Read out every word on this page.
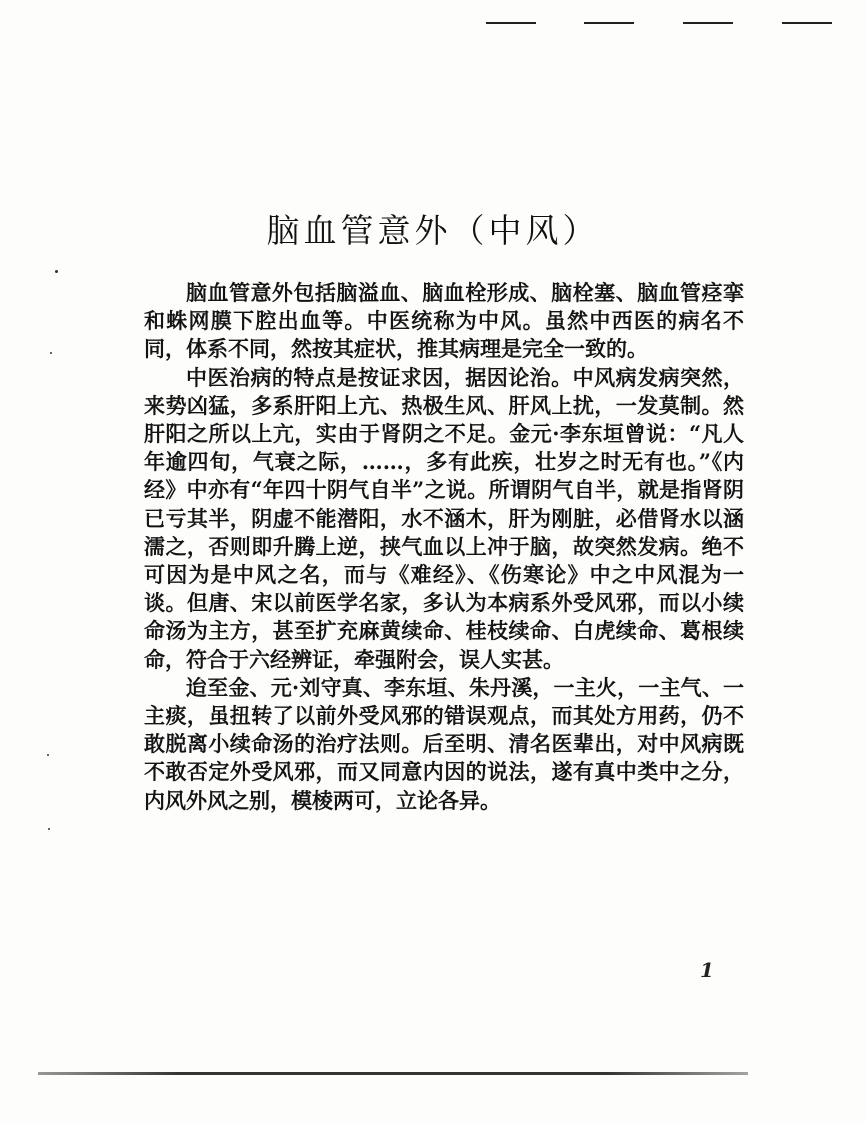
脑血管意外（中风）

脑血管意外包括脑溢血、脑血栓形成、脑栓塞、脑血管痉挛和蛛网膜下腔出血等。中医统称为中风。虽然中西医的病名不同，体系不同，然按其症状，推其病理是完全一致的。

中医治病的特点是按证求因，据因论治。中风病发病突然，来势凶猛，多系肝阳上亢、热极生风、肝风上扰，一发莫制。然肝阳之所以上亢，实由于肾阴之不足。金元·李东垣曾说：“凡人年逾四旬，气衰之际，……，多有此疾，壮岁之时无有也。”《内经》中亦有“年四十阴气自半”之说。所谓阴气自半，就是指肾阴已亏其半，阴虚不能潜阳，水不涵木，肝为刚脏，必借肾水以涵濡之，否则即升腾上逆，挟气血以上冲于脑，故突然发病。绝不可因为是中风之名，而与《难经》、《伤寒论》中之中风混为一谈。但唐、宋以前医学名家，多认为本病系外受风邪，而以小续命汤为主方，甚至扩充麻黄续命、桂枝续命、白虎续命、葛根续命，符合于六经辨证，牵强附会，误人实甚。

迨至金、元·刘守真、李东垣、朱丹溪，一主火，一主气、一主痰，虽扭转了以前外受风邪的错误观点，而其处方用药，仍不敢脱离小续命汤的治疗法则。后至明、清名医辈出，对中风病既不敢否定外受风邪，而又同意内因的说法，遂有真中类中之分，内风外风之别，模棱两可，立论各异。

1
